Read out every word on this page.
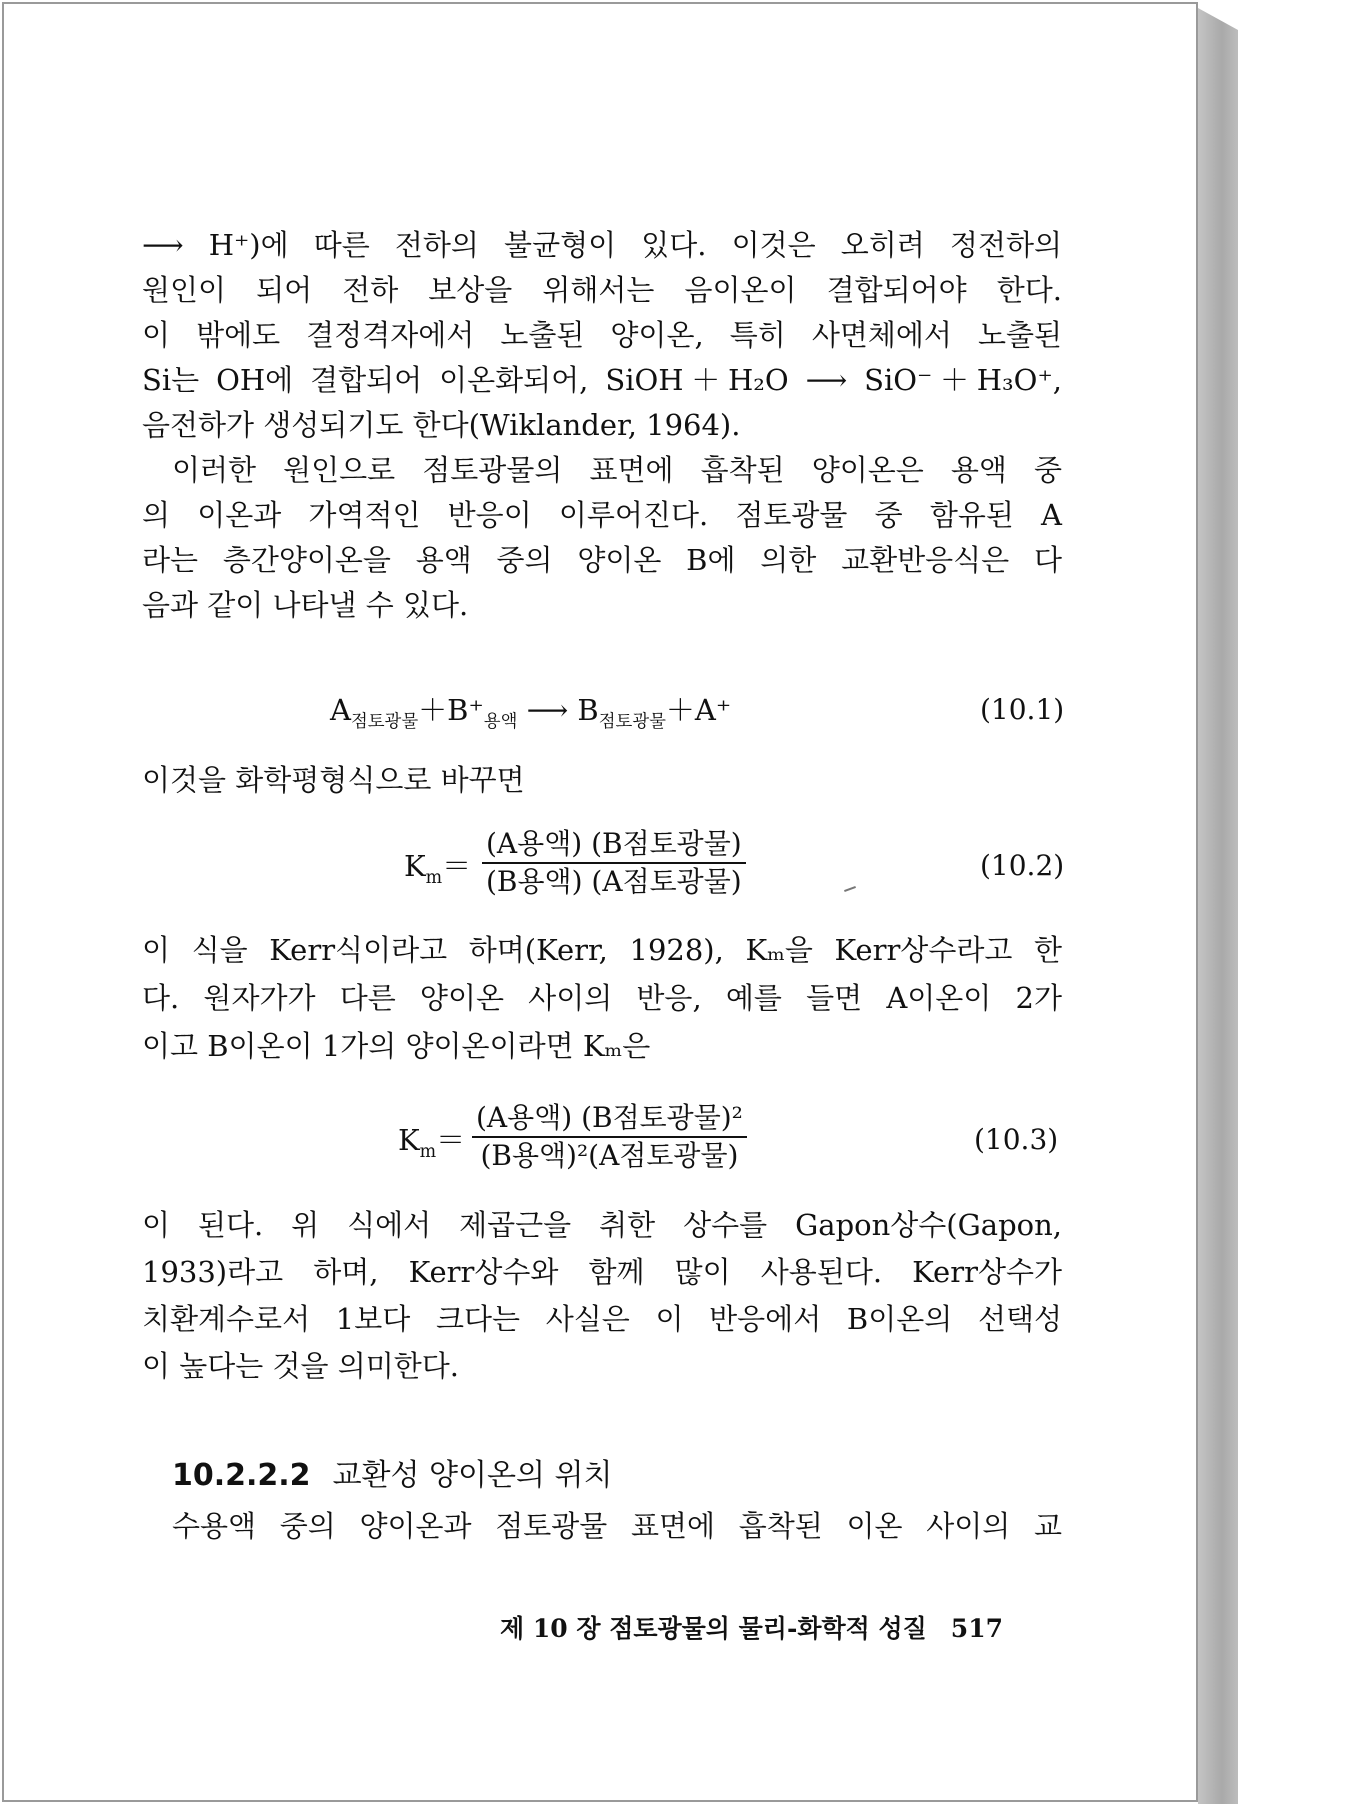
⟶ H⁺)에 따른 전하의 불균형이 있다. 이것은 오히려 정전하의
원인이 되어 전하 보상을 위해서는 음이온이 결합되어야 한다.
이 밖에도 결정격자에서 노출된 양이온, 특히 사면체에서 노출된
Si는 OH에 결합되어 이온화되어, SiOH＋H₂O ⟶ SiO⁻＋H₃O⁺,
음전하가 생성되기도 한다(Wiklander, 1964).
이러한 원인으로 점토광물의 표면에 흡착된 양이온은 용액 중
의 이온과 가역적인 반응이 이루어진다. 점토광물 중 함유된 A
라는 층간양이온을 용액 중의 양이온 B에 의한 교환반응식은 다
음과 같이 나타낼 수 있다.
$A_{점토광물}+B^+_{용액}$ ⟶ $B_{점토광물}+A^+$	(10.1)
이것을 화학평형식으로 바꾸면
$K_m=$
(A용액) (B점토광물)
(B용액) (A점토광물)	(10.2)
이 식을 Kerr식이라고 하며(Kerr, 1928), Kₘ을 Kerr상수라고 한
다. 원자가가 다른 양이온 사이의 반응, 예를 들면 A이온이 2가
이고 B이온이 1가의 양이온이라면 Kₘ은
$K_m=$
(A용액) (B점토광물)²
(B용액)²(A점토광물)	(10.3)
이 된다. 위 식에서 제곱근을 취한 상수를 Gapon상수(Gapon,
1933)라고 하며, Kerr상수와 함께 많이 사용된다. Kerr상수가
치환계수로서 1보다 크다는 사실은 이 반응에서 B이온의 선택성
이 높다는 것을 의미한다.
10.2.2.2 교환성 양이온의 위치
수용액 중의 양이온과 점토광물 표면에 흡착된 이온 사이의 교
제 10 장 점토광물의 물리-화학적 성질 517
